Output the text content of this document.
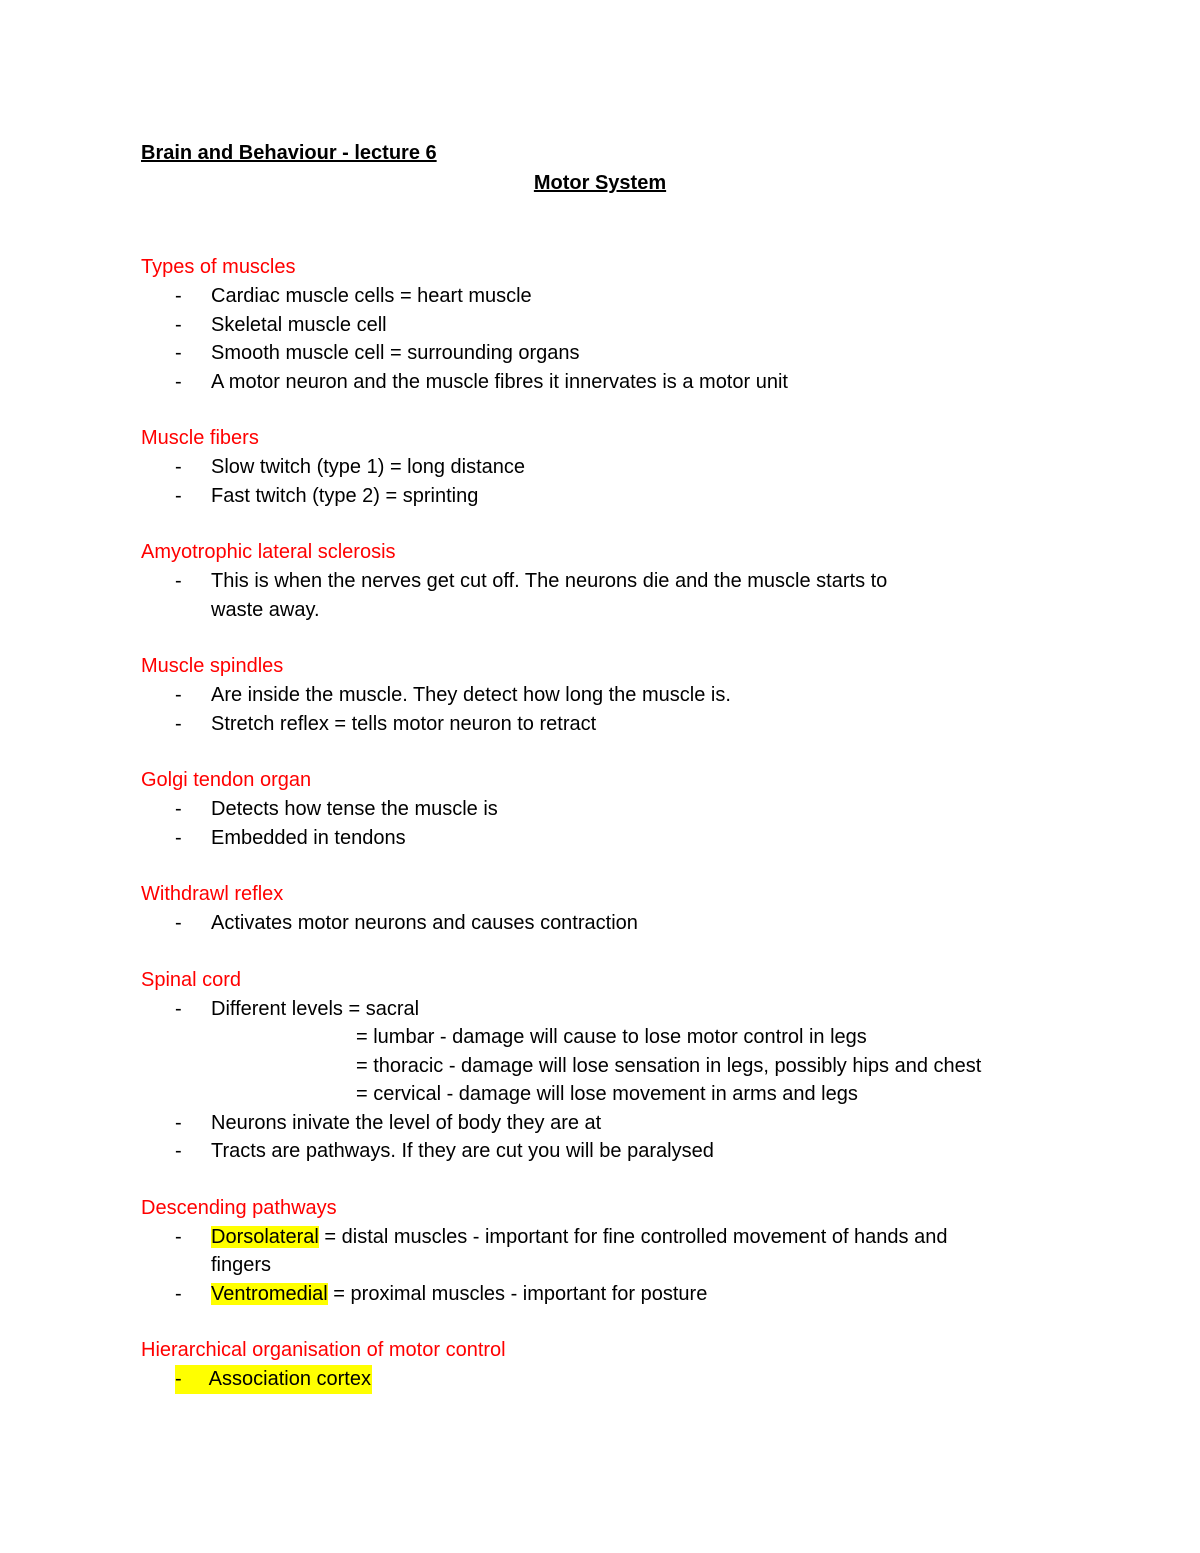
Brain and Behaviour - lecture 6

Motor System

Types of muscles

- Cardiac muscle cells = heart muscle
- Skeletal muscle cell
- Smooth muscle cell = surrounding organs
- A motor neuron and the muscle fibres it innervates is a motor unit

Muscle fibers

- Slow twitch (type 1) = long distance
- Fast twitch (type 2) = sprinting

Amyotrophic lateral sclerosis

- This is when the nerves get cut off. The neurons die and the muscle starts to waste away.

Muscle spindles

- Are inside the muscle. They detect how long the muscle is.
- Stretch reflex = tells motor neuron to retract

Golgi tendon organ

- Detects how tense the muscle is
- Embedded in tendons

Withdrawl reflex

- Activates motor neurons and causes contraction

Spinal cord

- Different levels = sacral
= lumbar - damage will cause to lose motor control in legs
= thoracic - damage will lose sensation in legs, possibly hips and chest
= cervical - damage will lose movement in arms and legs
- Neurons inivate the level of body they are at
- Tracts are pathways. If they are cut you will be paralysed

Descending pathways

- Dorsolateral = distal muscles - important for fine controlled movement of hands and fingers
- Ventromedial = proximal muscles - important for posture

Hierarchical organisation of motor control

- Association cortex
